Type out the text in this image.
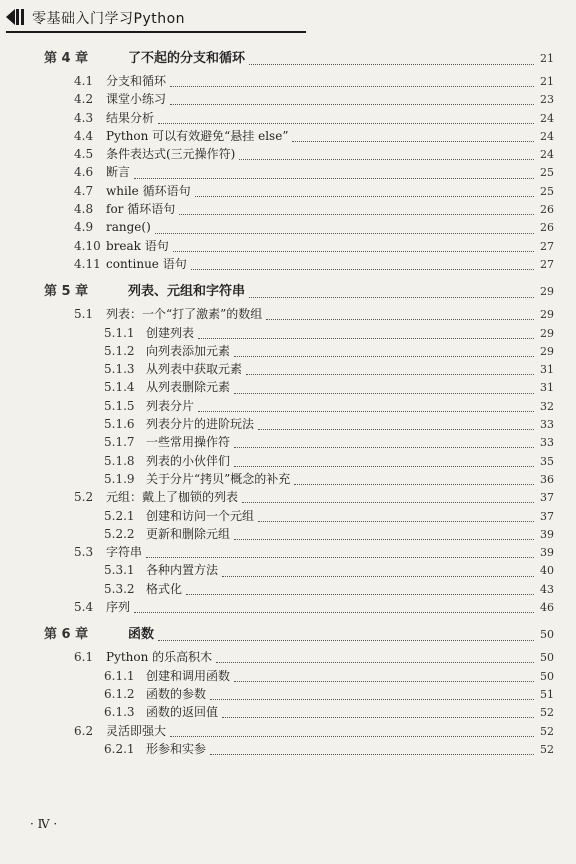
零基础入门学习Python
第 4 章	了不起的分支和循环	21
4.1	分支和循环	21
4.2	课堂小练习	23
4.3	结果分析	24
4.4	Python 可以有效避免“悬挂 else”	24
4.5	条件表达式(三元操作符)	24
4.6	断言	25
4.7	while 循环语句	25
4.8	for 循环语句	26
4.9	range()	26
4.10 break 语句	27
4.11 continue 语句	27
第 5 章	列表、元组和字符串	29
5.1	列表：一个“打了激素”的数组	29
5.1.1 创建列表	29
5.1.2 向列表添加元素	29
5.1.3 从列表中获取元素	31
5.1.4 从列表删除元素	31
5.1.5 列表分片	32
5.1.6 列表分片的进阶玩法	33
5.1.7 一些常用操作符	33
5.1.8 列表的小伙伴们	35
5.1.9 关于分片“拷贝”概念的补充	36
5.2	元组：戴上了枷锁的列表	37
5.2.1 创建和访问一个元组	37
5.2.2 更新和删除元组	39
5.3	字符串	39
5.3.1 各种内置方法	40
5.3.2 格式化	43
5.4	序列	46
第 6 章	函数	50
6.1	Python 的乐高积木	50
6.1.1 创建和调用函数	50
6.1.2 函数的参数	51
6.1.3 函数的返回值	52
6.2	灵活即强大	52
6.2.1 形参和实参	52
· Ⅳ ·
